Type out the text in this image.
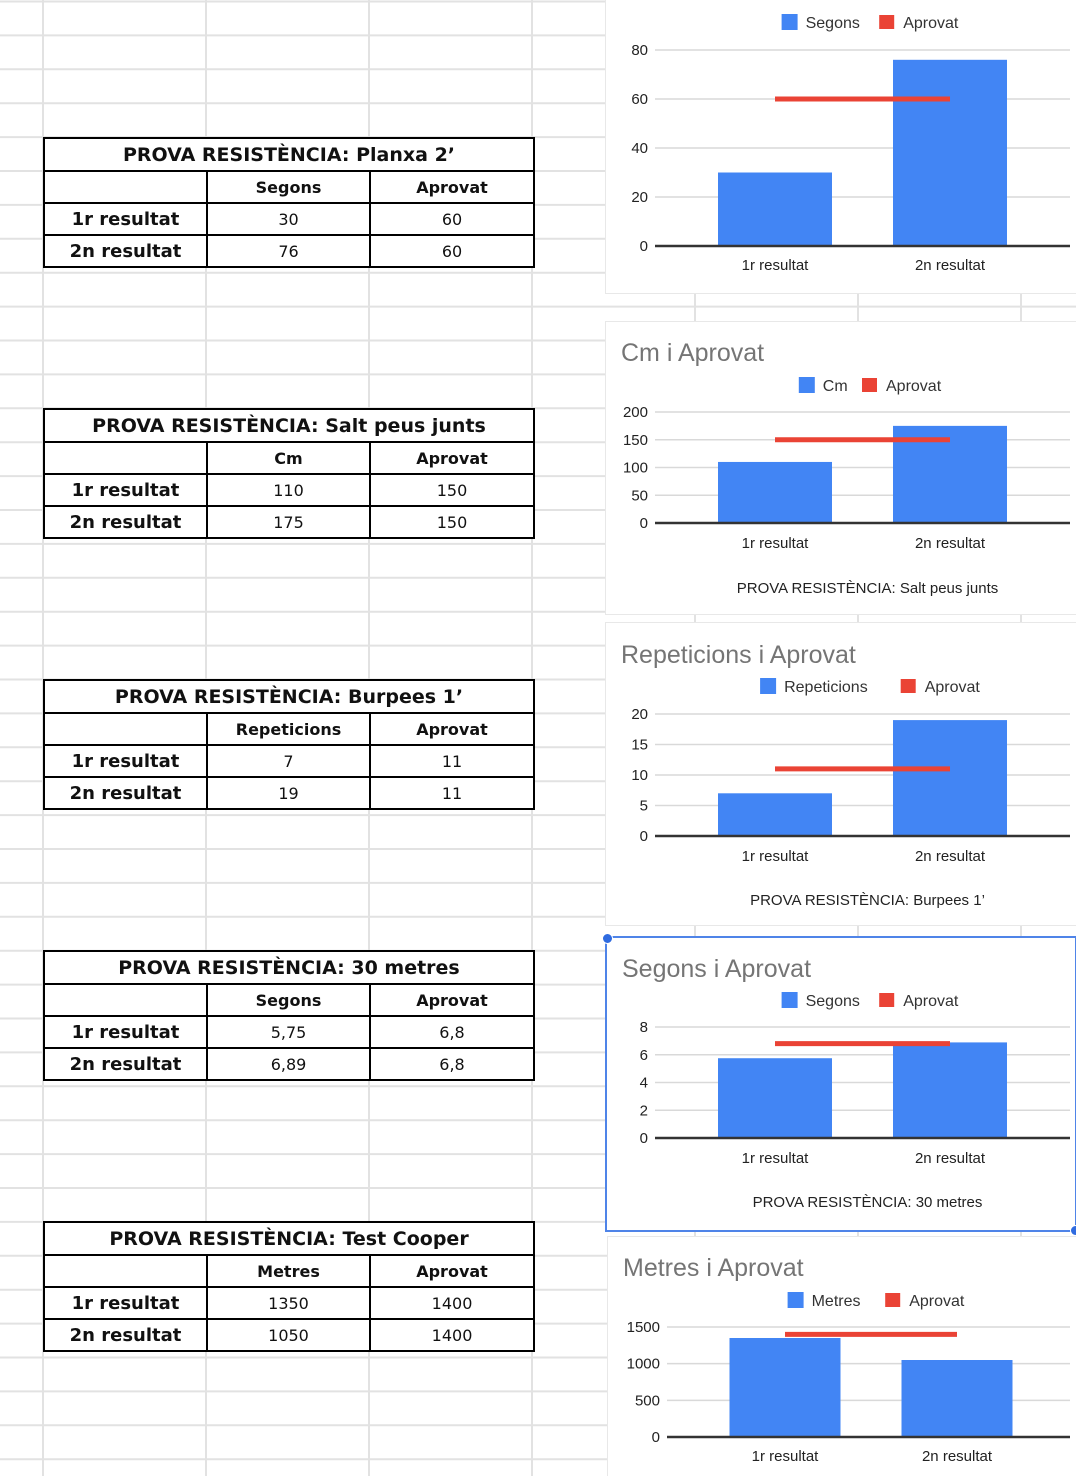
PROVA RESISTÈNCIA: Planxa 2’		
	Segons	Aprovat
1r resultat	30	60
2n resultat	76	60
PROVA RESISTÈNCIA: Salt peus junts		
	Cm	Aprovat
1r resultat	110	150
2n resultat	175	150
PROVA RESISTÈNCIA: Burpees 1’		
	Repeticions	Aprovat
1r resultat	7	11
2n resultat	19	11
PROVA RESISTÈNCIA: 30 metres		
	Segons	Aprovat
1r resultat	5,75	6,8
2n resultat	6,89	6,8
PROVA RESISTÈNCIA: Test Cooper		
	Metres	Aprovat
1r resultat	1350	1400
2n resultat	1050	1400
Segons	Aprovat
0
20
40
60
80
1r resultat	2n resultat
Cm i Aprovat
Cm Aprovat
0
50
100
150
200
1r resultat	2n resultat
PROVA RESISTÈNCIA: Salt peus junts
Repeticions i Aprovat
Repeticions	Aprovat
0
5
10
15
20
1r resultat	2n resultat
PROVA RESISTÈNCIA: Burpees 1’
Segons i Aprovat
Segons	Aprovat
0
2
4
6
8
1r resultat	2n resultat
PROVA RESISTÈNCIA: 30 metres
Metres i Aprovat
Metres	Aprovat
0
500
1000
1500
1r resultat	2n resultat
